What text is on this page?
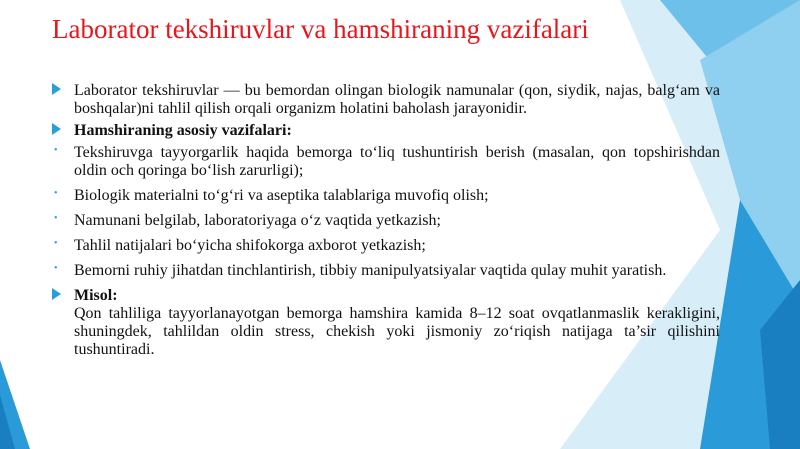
Laborator tekshiruvlar va hamshiraning vazifalari
Laborator tekshiruvlar — bu bemordan olingan biologik namunalar (qon, siydik, najas, balg‘am va boshqalar)ni tahlil qilish orqali organizm holatini baholash jarayonidir.
Hamshiraning asosiy vazifalari:
• Tekshiruvga tayyorgarlik haqida bemorga to‘liq tushuntirish berish (masalan, qon topshirishdan oldin och qoringa bo‘lish zarurligi);
• Biologik materialni to‘g‘ri va aseptika talablariga muvofiq olish;
• Namunani belgilab, laboratoriyaga o‘z vaqtida yetkazish;
• Tahlil natijalari bo‘yicha shifokorga axborot yetkazish;
• Bemorni ruhiy jihatdan tinchlantirish, tibbiy manipulyatsiyalar vaqtida qulay muhit yaratish.
Misol:
Qon tahliliga tayyorlanayotgan bemorga hamshira kamida 8–12 soat ovqatlanmaslik kerakligini, shuningdek, tahlildan oldin stress, chekish yoki jismoniy zo‘riqish natijaga ta’sir qilishini tushuntiradi.
